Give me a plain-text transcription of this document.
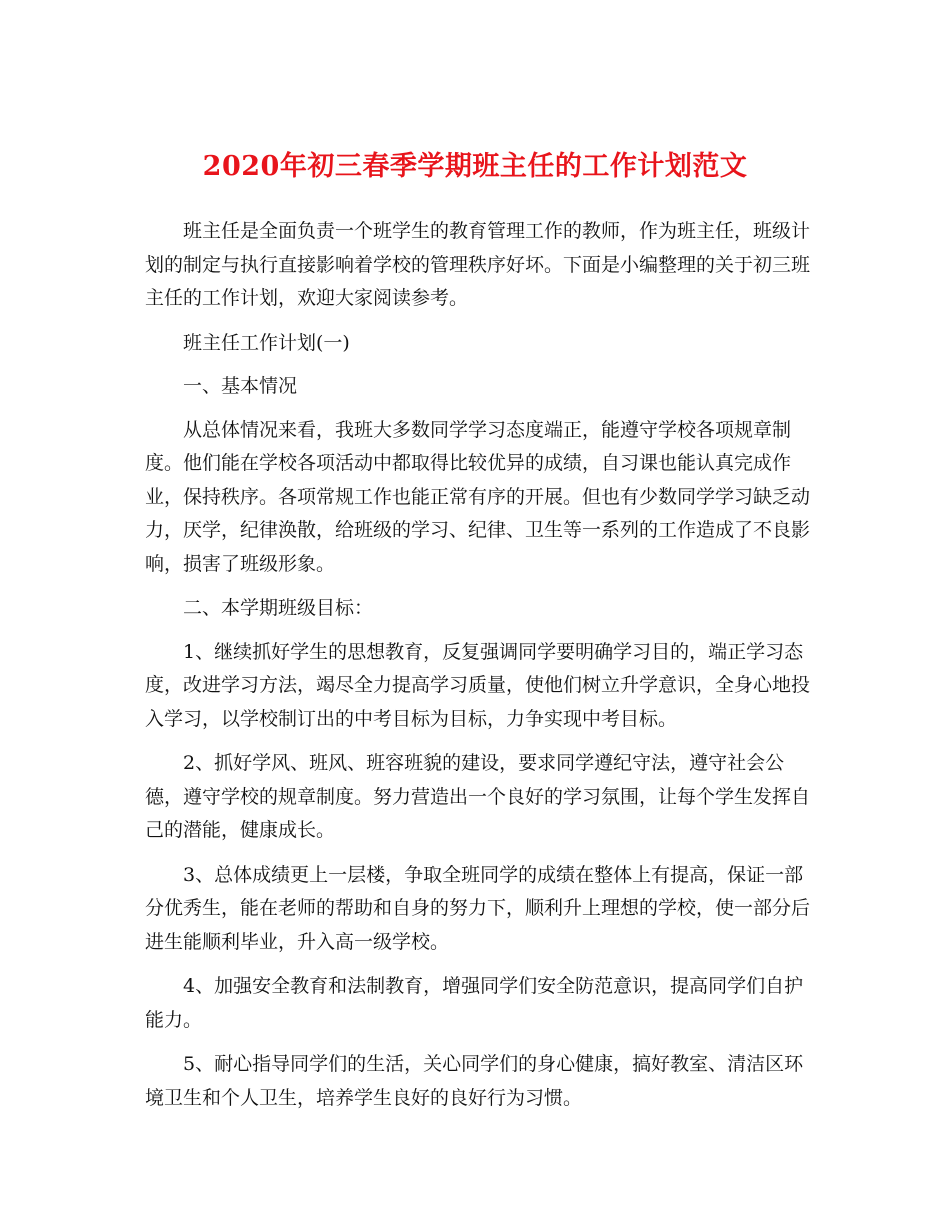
2020年初三春季学期班主任的工作计划范文

班主任是全面负责一个班学生的教育管理工作的教师，作为班主任，班级计划的制定与执行直接影响着学校的管理秩序好坏。下面是小编整理的关于初三班主任的工作计划，欢迎大家阅读参考。

班主任工作计划(一)

一、基本情况

从总体情况来看，我班大多数同学学习态度端正，能遵守学校各项规章制度。他们能在学校各项活动中都取得比较优异的成绩，自习课也能认真完成作业，保持秩序。各项常规工作也能正常有序的开展。但也有少数同学学习缺乏动力，厌学，纪律涣散，给班级的学习、纪律、卫生等一系列的工作造成了不良影响，损害了班级形象。

二、本学期班级目标：

1、继续抓好学生的思想教育，反复强调同学要明确学习目的，端正学习态度，改进学习方法，竭尽全力提高学习质量，使他们树立升学意识，全身心地投入学习，以学校制订出的中考目标为目标，力争实现中考目标。

2、抓好学风、班风、班容班貌的建设，要求同学遵纪守法，遵守社会公德，遵守学校的规章制度。努力营造出一个良好的学习氛围，让每个学生发挥自己的潜能，健康成长。

3、总体成绩更上一层楼，争取全班同学的成绩在整体上有提高，保证一部分优秀生，能在老师的帮助和自身的努力下，顺利升上理想的学校，使一部分后进生能顺利毕业，升入高一级学校。

4、加强安全教育和法制教育，增强同学们安全防范意识，提高同学们自护能力。

5、耐心指导同学们的生活，关心同学们的身心健康，搞好教室、清洁区环境卫生和个人卫生，培养学生良好的良好行为习惯。
